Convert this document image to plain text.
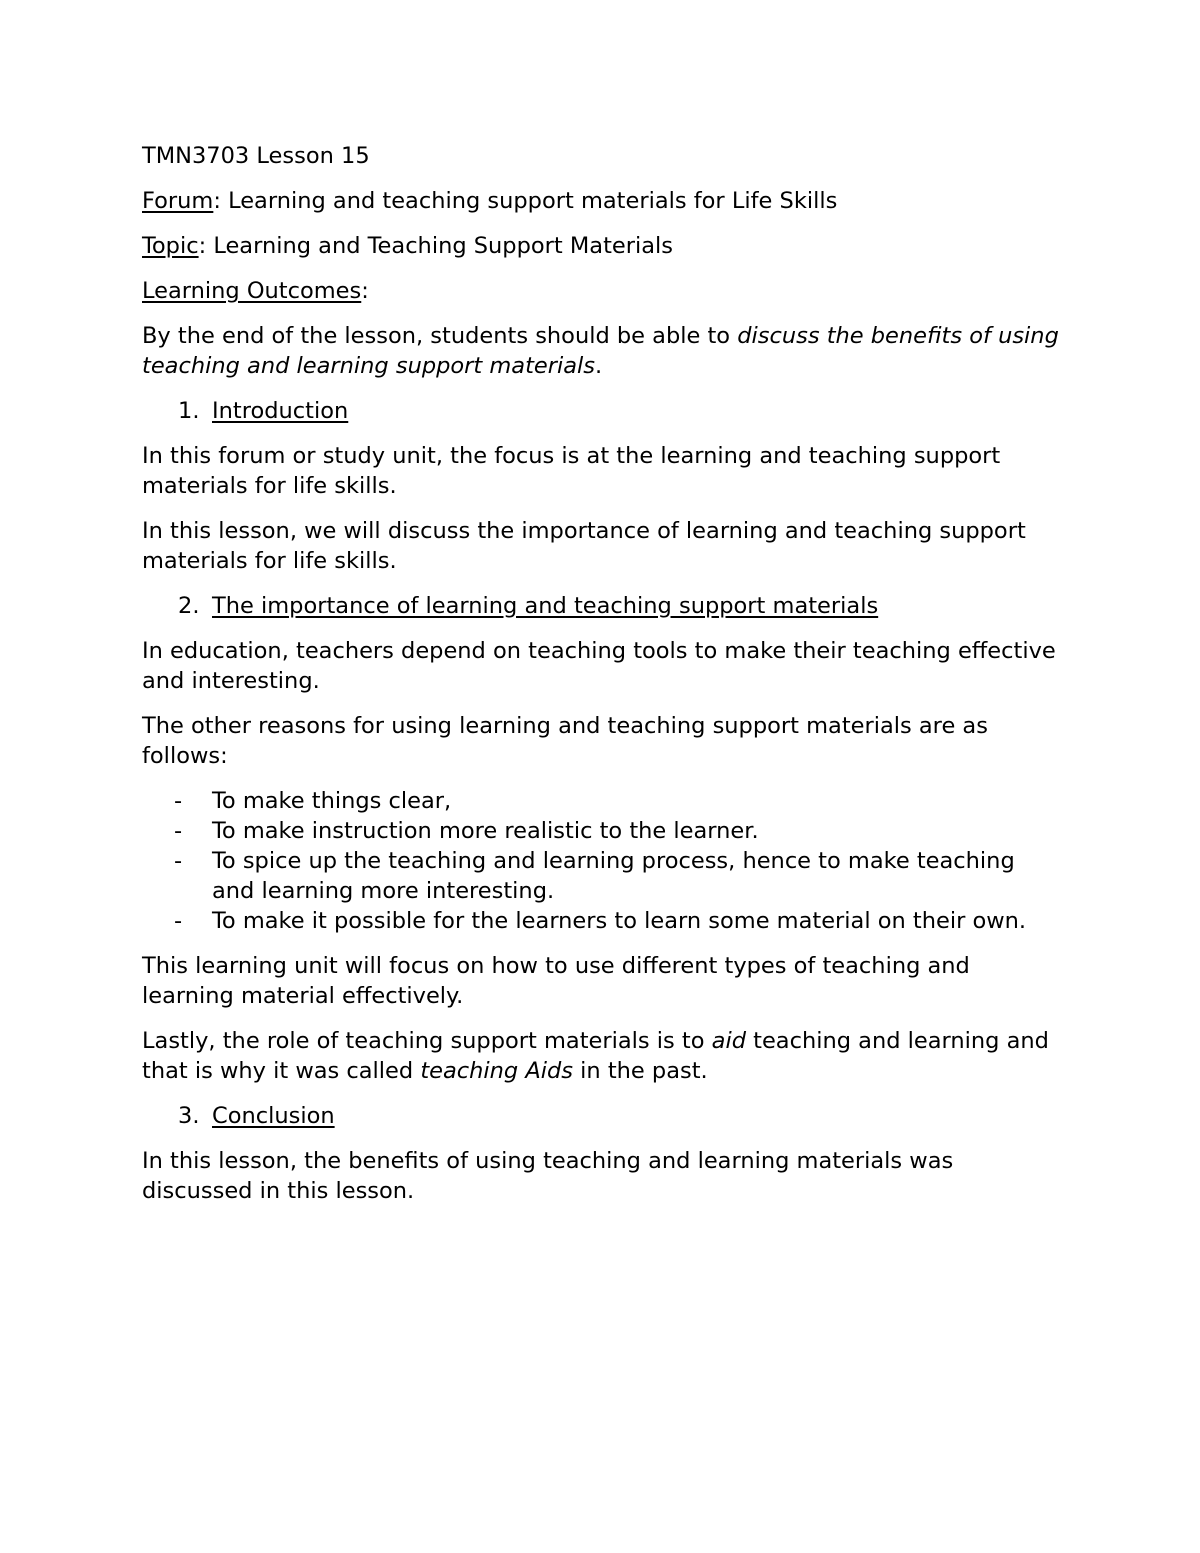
TMN3703 Lesson 15

Forum: Learning and teaching support materials for Life Skills

Topic: Learning and Teaching Support Materials

Learning Outcomes:

By the end of the lesson, students should be able to discuss the benefits of using teaching and learning support materials.

1. Introduction

In this forum or study unit, the focus is at the learning and teaching support materials for life skills.

In this lesson, we will discuss the importance of learning and teaching support materials for life skills.

2. The importance of learning and teaching support materials

In education, teachers depend on teaching tools to make their teaching effective and interesting.

The other reasons for using learning and teaching support materials are as follows:

- To make things clear,
- To make instruction more realistic to the learner.
- To spice up the teaching and learning process, hence to make teaching and learning more interesting.
- To make it possible for the learners to learn some material on their own.

This learning unit will focus on how to use different types of teaching and learning material effectively.

Lastly, the role of teaching support materials is to aid teaching and learning and that is why it was called teaching Aids in the past.

3. Conclusion

In this lesson, the benefits of using teaching and learning materials was discussed in this lesson.
